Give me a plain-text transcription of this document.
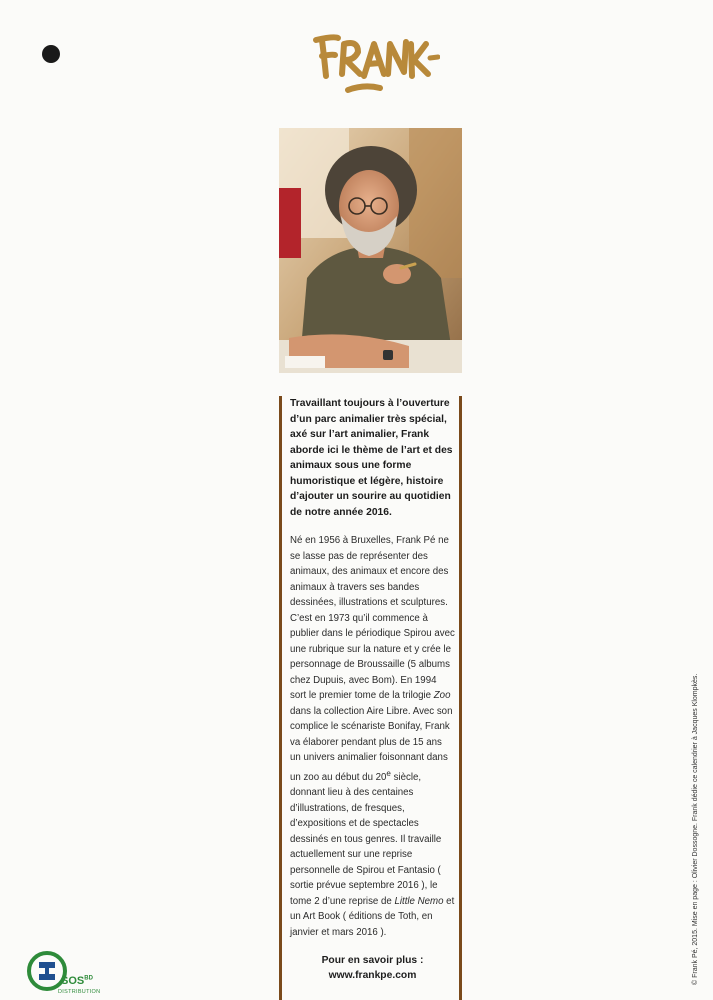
Travaillant toujours à l’ouverture d’un parc animalier très spécial, axé sur l’art animalier, Frank aborde ici le thème de l’art et des animaux sous une forme humoristique et légère, histoire d’ajouter un sourire au quotidien de notre année 2016.

Né en 1956 à Bruxelles, Frank Pé ne se lasse pas de représenter des animaux, des animaux et encore des animaux à travers ses bandes dessinées, illustrations et sculptures. C’est en 1973 qu’il commence à publier dans le périodique Spirou avec une rubrique sur la nature et y crée le personnage de Broussaille (5 albums chez Dupuis, avec Bom). En 1994 sort le premier tome de la trilogie Zoo dans la collection Aire Libre. Avec son complice le scénariste Bonifay, Frank va élaborer pendant plus de 15 ans un univers animalier foisonnant dans un zoo au début du 20e siècle, donnant lieu à des centaines d’illustrations, de fresques, d’expositions et de spectacles dessinés en tous genres. Il travaille actuellement sur une reprise personnelle de Spirou et Fantasio ( sortie prévue septembre 2016 ), le tome 2 d’une reprise de Little Nemo et un Art Book ( éditions de Toth, en janvier et mars 2016 ).

Pour en savoir plus :
www.frankpe.com	© Frank Pé, 2015. Mise en page : Olivier Dossogne. Frank dédie ce calendrier à Jacques Klompkès.
$SOS^{BD}$
DISTRIBUTION
